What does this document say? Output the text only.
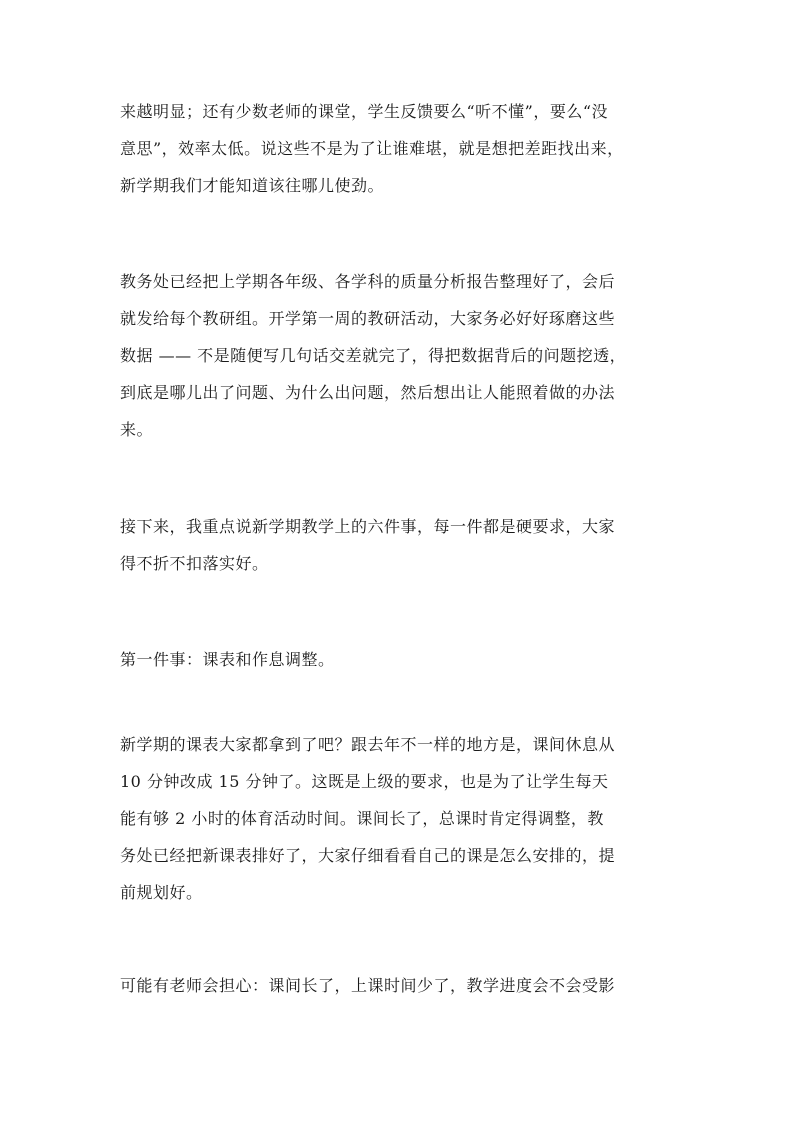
来越明显；还有少数老师的课堂，学生反馈要么“听不懂”，要么“没
意思”，效率太低。说这些不是为了让谁难堪，就是想把差距找出来，
新学期我们才能知道该往哪儿使劲。

教务处已经把上学期各年级、各学科的质量分析报告整理好了，会后
就发给每个教研组。开学第一周的教研活动，大家务必好好琢磨这些
数据 —— 不是随便写几句话交差就完了，得把数据背后的问题挖透，
到底是哪儿出了问题、为什么出问题，然后想出让人能照着做的办法
来。

接下来，我重点说新学期教学上的六件事，每一件都是硬要求，大家
得不折不扣落实好。

第一件事：课表和作息调整。

新学期的课表大家都拿到了吧？跟去年不一样的地方是，课间休息从
10 分钟改成 15 分钟了。这既是上级的要求，也是为了让学生每天
能有够 2 小时的体育活动时间。课间长了，总课时肯定得调整，教
务处已经把新课表排好了，大家仔细看看自己的课是怎么安排的，提
前规划好。

可能有老师会担心：课间长了，上课时间少了，教学进度会不会受影
